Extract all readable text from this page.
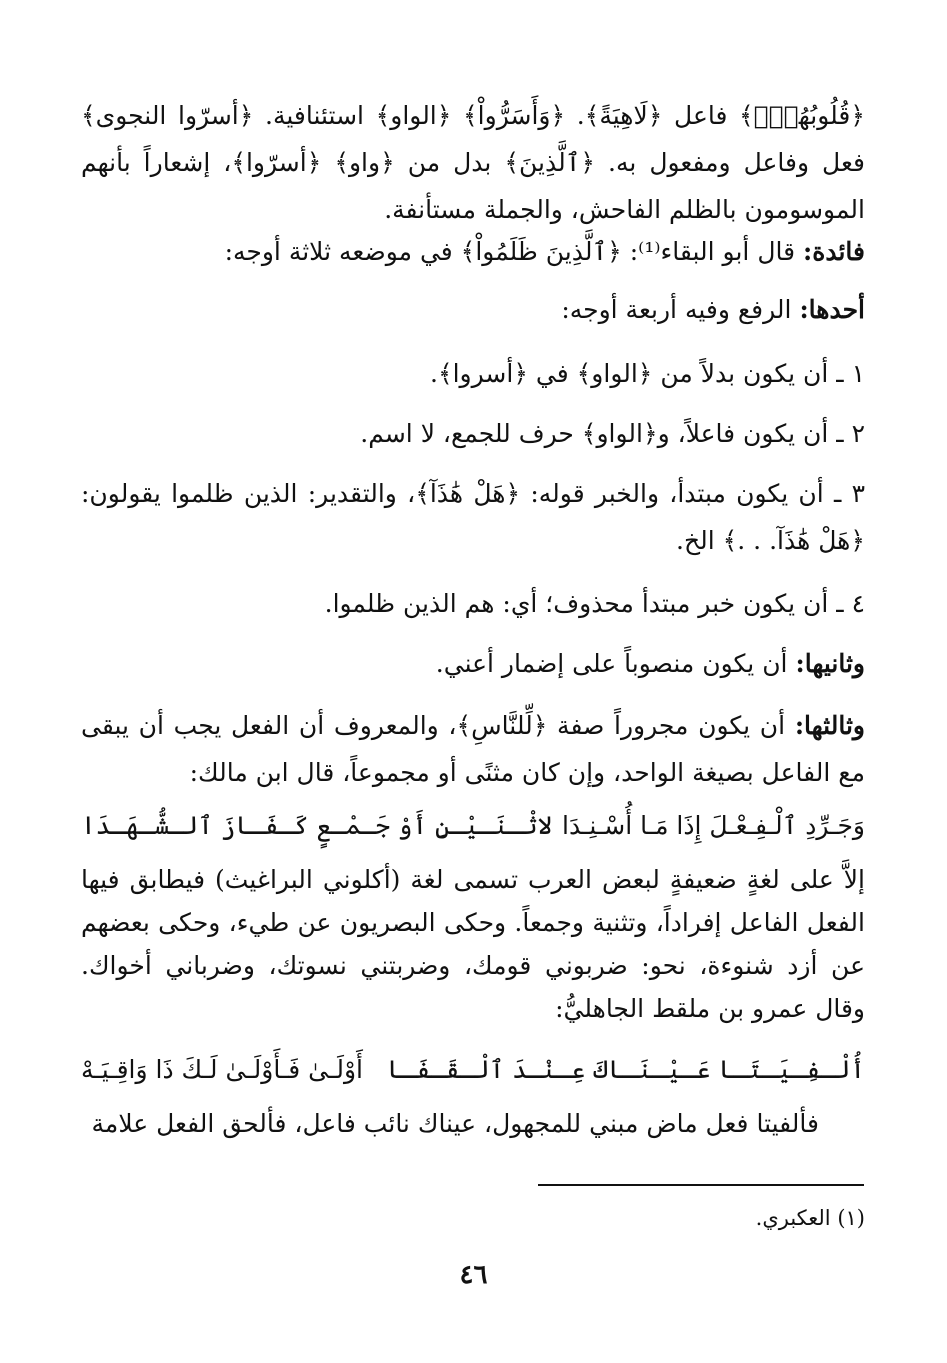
﴿قُلُوبُهُمْۗ﴾ فاعل ﴿لَاهِيَةً﴾. ﴿وَأَسَرُّواْ﴾ ﴿الواو﴾ استئنافية. ﴿أسرّوا النجوى﴾ فعل وفاعل ومفعول به. ﴿ٱلَّذِينَ﴾ بدل من ﴿واو﴾ ﴿أسرّوا﴾، إشعاراً بأنهم الموسومون بالظلم الفاحش، والجملة مستأنفة.

فائدة: قال أبو البقاء⁽¹⁾: ﴿ٱلَّذِينَ ظَلَمُواْ﴾ في موضعه ثلاثة أوجه:

أحدها: الرفع وفيه أربعة أوجه:

١ ـ أن يكون بدلاً من ﴿الواو﴾ في ﴿أسروا﴾.

٢ ـ أن يكون فاعلاً، و﴿الواو﴾ حرف للجمع، لا اسم.

٣ ـ أن يكون مبتدأ، والخبر قوله: ﴿هَلْ هَٰذَآ﴾، والتقدير: الذين ظلموا يقولون: ﴿هَلْ هَٰذَآ. . .﴾ الخ.

٤ ـ أن يكون خبر مبتدأ محذوف؛ أي: هم الذين ظلموا.

وثانيها: أن يكون منصوباً على إضمار أعني.

وثالثها: أن يكون مجروراً صفة ﴿لِّلنَّاسِ﴾، والمعروف أن الفعل يجب أن يبقى مع الفاعل بصيغة الواحد، وإن كان مثنًى أو مجموعاً، قال ابن مالك:

وَجَـرِّدِ ٱلْـفِـعْـلَ إِذَا مَـا أُسْـنِـدَا
لاثْـنَـيْـنِ أَوْ جَـمْـعٍ كَـفَـازَ ٱلـشُّـهَـدَا

إلاَّ على لغةٍ ضعيفةٍ لبعض العرب تسمى لغة (أكلوني البراغيث) فيطابق فيها الفعل الفاعل إفراداً، وتثنية وجمعاً. وحكى البصريون عن طيء، وحكى بعضهم عن أزد شنوءة، نحو: ضربوني قومك، وضربتني نسوتك، وضرباني أخواك. وقال عمرو بن ملقط الجاهليُّ:

أُلْـفِـيَـتَـا عَـيْـنَـاكَ عِـنْـدَ ٱلْـقَـفَـا
أَوْلَـىٰ فَـأَوْلَـىٰ لَـكَ ذَا وَاقِـيَـهْ

فألفيتا فعل ماض مبني للمجهول، عيناك نائب فاعل، فألحق الفعل علامة

(١) العكبري.

٤٦
